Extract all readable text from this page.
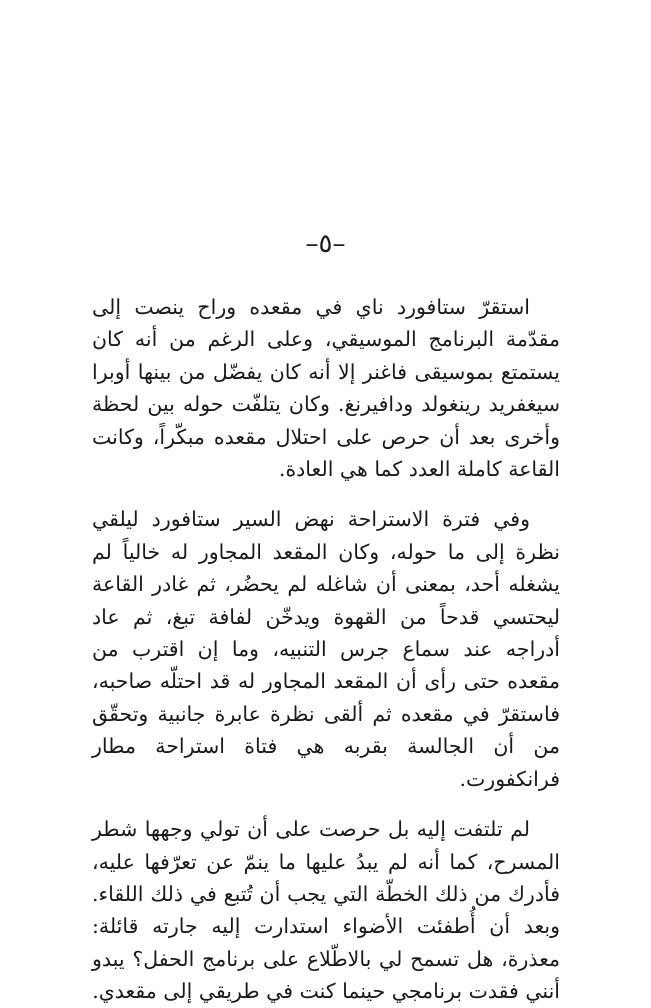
–٥–

استقرّ ستافورد ناي في مقعده وراح ينصت إلى مقدّمة البرنامج الموسيقي، وعلى الرغم من أنه كان يستمتع بموسيقى فاغنر إلا أنه كان يفضّل من بينها أوبرا سيغفريد رينغولد ودافيرنغ. وكان يتلفّت حوله بين لحظة وأخرى بعد أن حرص على احتلال مقعده مبكّراً، وكانت القاعة كاملة العدد كما هي العادة.

وفي فترة الاستراحة نهض السير ستافورد ليلقي نظرة إلى ما حوله، وكان المقعد المجاور له خالياً لم يشغله أحد، بمعنى أن شاغله لم يحضُر، ثم غادر القاعة ليحتسي قدحاً من القهوة ويدخّن لفافة تبغ، ثم عاد أدراجه عند سماع جرس التنبيه، وما إن اقترب من مقعده حتى رأى أن المقعد المجاور له قد احتلّه صاحبه، فاستقرّ في مقعده ثم ألقى نظرة عابرة جانبية وتحقّق من أن الجالسة بقربه هي فتاة استراحة مطار فرانكفورت.

لم تلتفت إليه بل حرصت على أن تولي وجهها شطر المسرح، كما أنه لم يبدُ عليها ما ينمّ عن تعرّفها عليه، فأدرك من ذلك الخطّة التي يجب أن تُتبع في ذلك اللقاء. وبعد أن أُطفئت الأضواء استدارت إليه جارته قائلة: معذرة، هل تسمح لي بالاطّلاع على برنامج الحفل؟ يبدو أنني فقدت برنامجي حينما كنت في طريقي إلى مقعدي.
